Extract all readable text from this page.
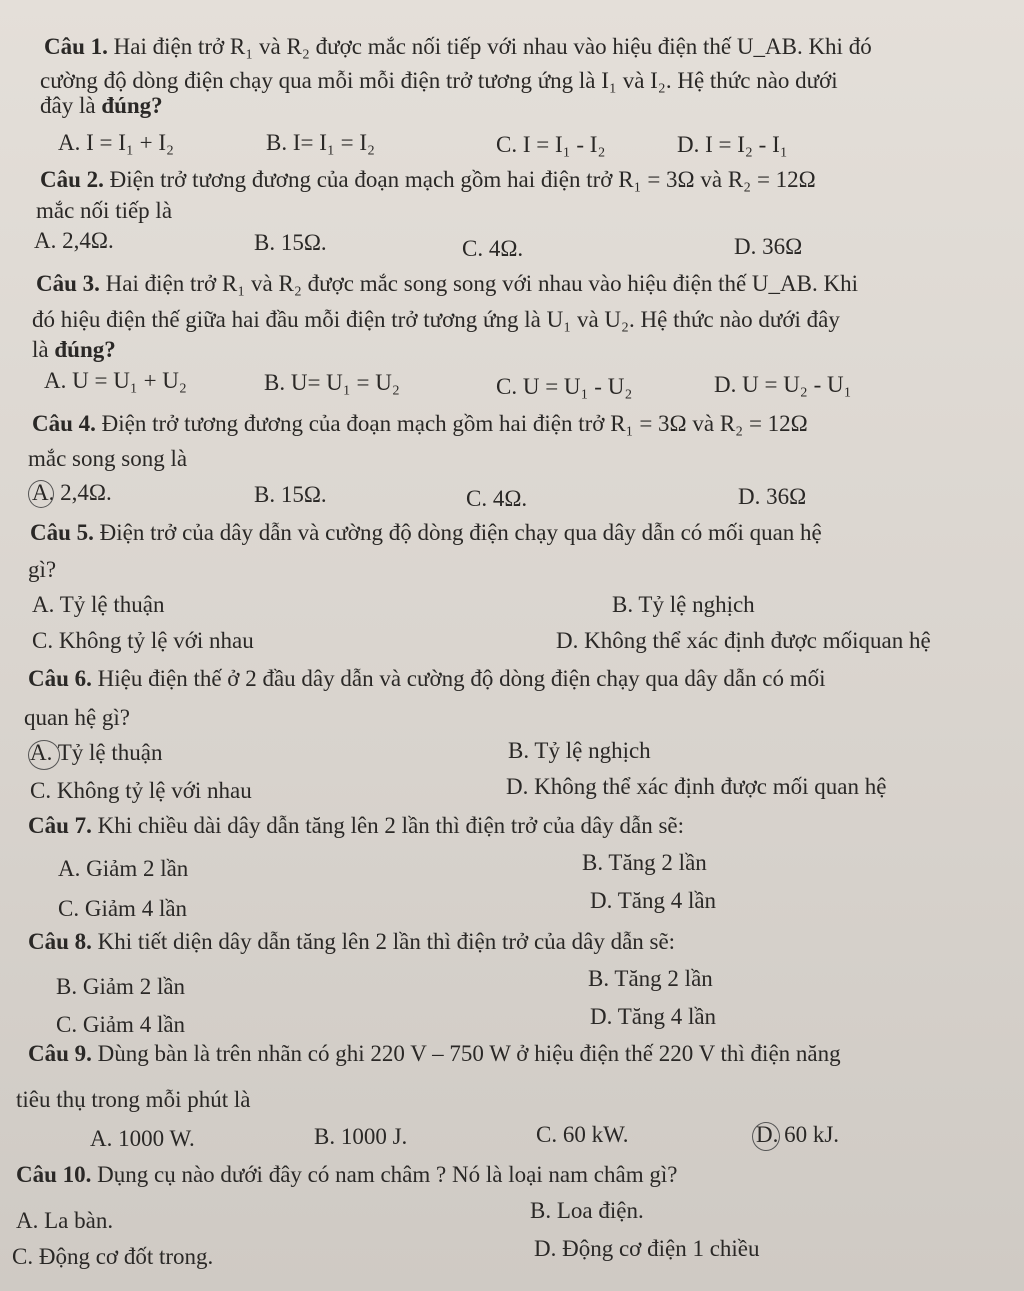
Câu 1. Hai điện trở R₁ và R₂ được mắc nối tiếp với nhau vào hiệu điện thế U_AB. Khi đó
cường độ dòng điện chạy qua mỗi mỗi điện trở tương ứng là I₁ và I₂. Hệ thức nào dưới
đây là đúng?
A. I = I₁ + I₂	B. I= I₁ = I₂	C. I = I₁ - I₂	D. I = I₂ - I₁
Câu 2. Điện trở tương đương của đoạn mạch gồm hai điện trở R₁ = 3Ω và R₂ = 12Ω
mắc nối tiếp là
A. 2,4Ω.	B. 15Ω.	C. 4Ω.	D. 36Ω
Câu 3. Hai điện trở R₁ và R₂ được mắc song song với nhau vào hiệu điện thế U_AB. Khi
đó hiệu điện thế giữa hai đầu mỗi điện trở tương ứng là U₁ và U₂. Hệ thức nào dưới đây
là đúng?
A. U = U₁ + U₂	B. U= U₁ = U₂	C. U = U₁ - U₂	D. U = U₂ - U₁
Câu 4. Điện trở tương đương của đoạn mạch gồm hai điện trở R₁ = 3Ω và R₂ = 12Ω
mắc song song là
A. 2,4Ω.	B. 15Ω.	C. 4Ω.	D. 36Ω
Câu 5. Điện trở của dây dẫn và cường độ dòng điện chạy qua dây dẫn có mối quan hệ
gì?
A. Tỷ lệ thuận	B. Tỷ lệ nghịch
C. Không tỷ lệ với nhau	D. Không thể xác định được mốiquan hệ
Câu 6. Hiệu điện thế ở 2 đầu dây dẫn và cường độ dòng điện chạy qua dây dẫn có mối
quan hệ gì?
A. Tỷ lệ thuận	B. Tỷ lệ nghịch
C. Không tỷ lệ với nhau	D. Không thể xác định được mối quan hệ
Câu 7. Khi chiều dài dây dẫn tăng lên 2 lần thì điện trở của dây dẫn sẽ:
A. Giảm 2 lần	B. Tăng 2 lần
C. Giảm 4 lần	D. Tăng 4 lần
Câu 8. Khi tiết diện dây dẫn tăng lên 2 lần thì điện trở của dây dẫn sẽ:
B. Giảm 2 lần	B. Tăng 2 lần
C. Giảm 4 lần	D. Tăng 4 lần
Câu 9. Dùng bàn là trên nhãn có ghi 220 V – 750 W ở hiệu điện thế 220 V thì điện năng
tiêu thụ trong mỗi phút là
A. 1000 W.	B. 1000 J.	C. 60 kW.	D. 60 kJ.
Câu 10. Dụng cụ nào dưới đây có nam châm ? Nó là loại nam châm gì?
A. La bàn.	B. Loa điện.
C. Động cơ đốt trong.	D. Động cơ điện 1 chiều
